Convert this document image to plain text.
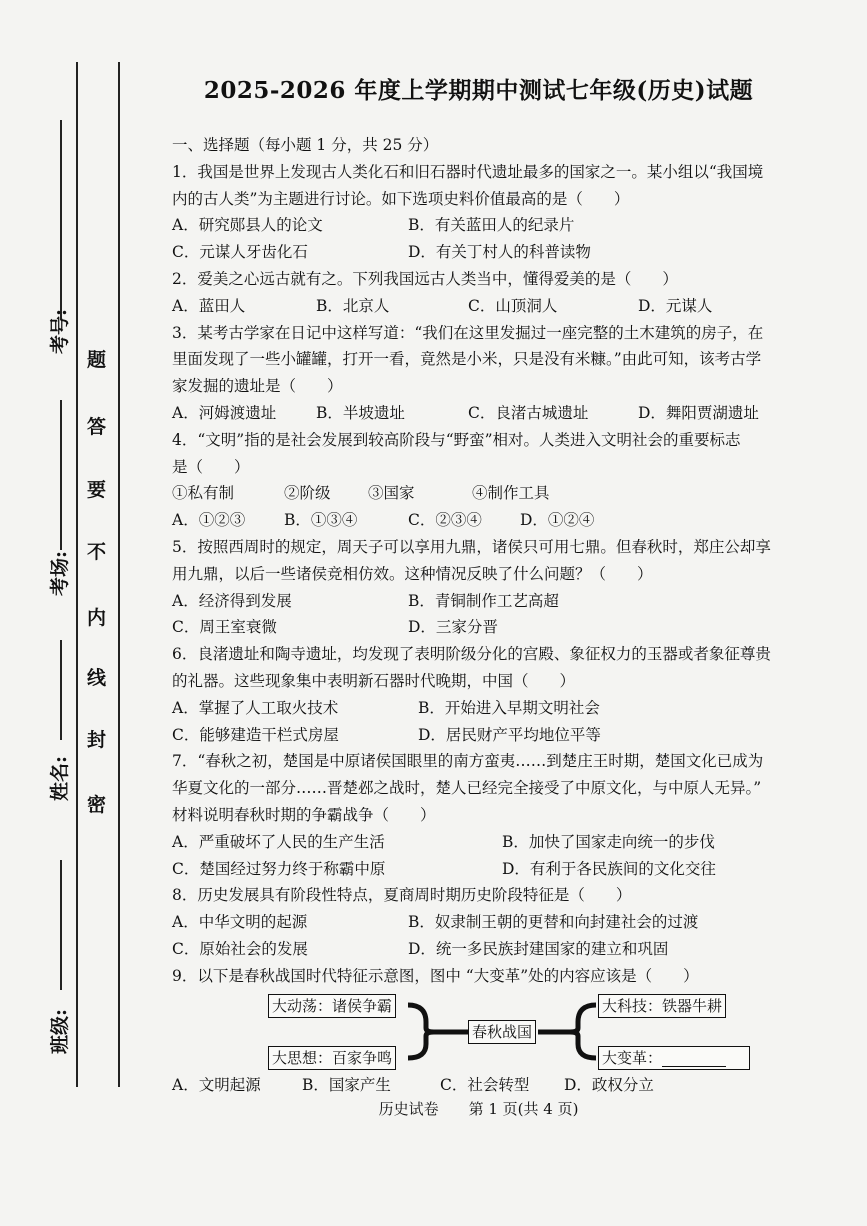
考号:
考场:
姓名:
班级:
题
答
要
不
内
线
封
密
2025-2026 年度上学期期中测试七年级(历史)试题
一、选择题（每小题 1 分，共 25 分）
1．我国是世界上发现古人类化石和旧石器时代遗址最多的国家之一。某小组以“我国境
内的古人类”为主题进行讨论。如下选项史料价值最高的是（　　）
A．研究郧县人的论文	B．有关蓝田人的纪录片
C．元谋人牙齿化石	D．有关丁村人的科普读物
2．爱美之心远古就有之。下列我国远古人类当中，懂得爱美的是（　　）
A．蓝田人	B．北京人	C．山顶洞人	D．元谋人
3．某考古学家在日记中这样写道：“我们在这里发掘过一座完整的土木建筑的房子，在
里面发现了一些小罐罐，打开一看，竟然是小米，只是没有米糠。”由此可知，该考古学
家发掘的遗址是（　　）
A．河姆渡遗址	B．半坡遗址	C．良渚古城遗址	D．舞阳贾湖遗址
4．“文明”指的是社会发展到较高阶段与“野蛮”相对。人类进入文明社会的重要标志
是（　　）
①私有制	②阶级 ③国家	④制作工具
A．①②③	B．①③④	C．②③④ D．①②④
5．按照西周时的规定，周天子可以享用九鼎，诸侯只可用七鼎。但春秋时，郑庄公却享
用九鼎，以后一些诸侯竞相仿效。这种情况反映了什么问题？（　　）
A．经济得到发展	B．青铜制作工艺高超
C．周王室衰微	D．三家分晋
6．良渚遗址和陶寺遗址，均发现了表明阶级分化的宫殿、象征权力的玉器或者象征尊贵
的礼器。这些现象集中表明新石器时代晚期，中国（　　）
A．掌握了人工取火技术	B．开始进入早期文明社会
C．能够建造干栏式房屋	D．居民财产平均地位平等
7．“春秋之初，楚国是中原诸侯国眼里的南方蛮夷……到楚庄王时期，楚国文化已成为
华夏文化的一部分……晋楚邲之战时，楚人已经完全接受了中原文化，与中原人无异。”
材料说明春秋时期的争霸战争（　　）
A．严重破坏了人民的生产生活	B．加快了国家走向统一的步伐
C．楚国经过努力终于称霸中原	D．有利于各民族间的文化交往
8．历史发展具有阶段性特点，夏商周时期历史阶段特征是（　　）
A．中华文明的起源	B．奴隶制王朝的更替和向封建社会的过渡
C．原始社会的发展	D．统一多民族封建国家的建立和巩固
9．以下是春秋战国时代特征示意图，图中 “大变革”处的内容应该是（　　）
大动荡：诸侯争霸
大思想：百家争鸣
春秋战国
大科技：铁器牛耕
大变革：
A．文明起源	B．国家产生	C．社会转型 D．政权分立
历史试卷　　第 1 页(共 4 页)
